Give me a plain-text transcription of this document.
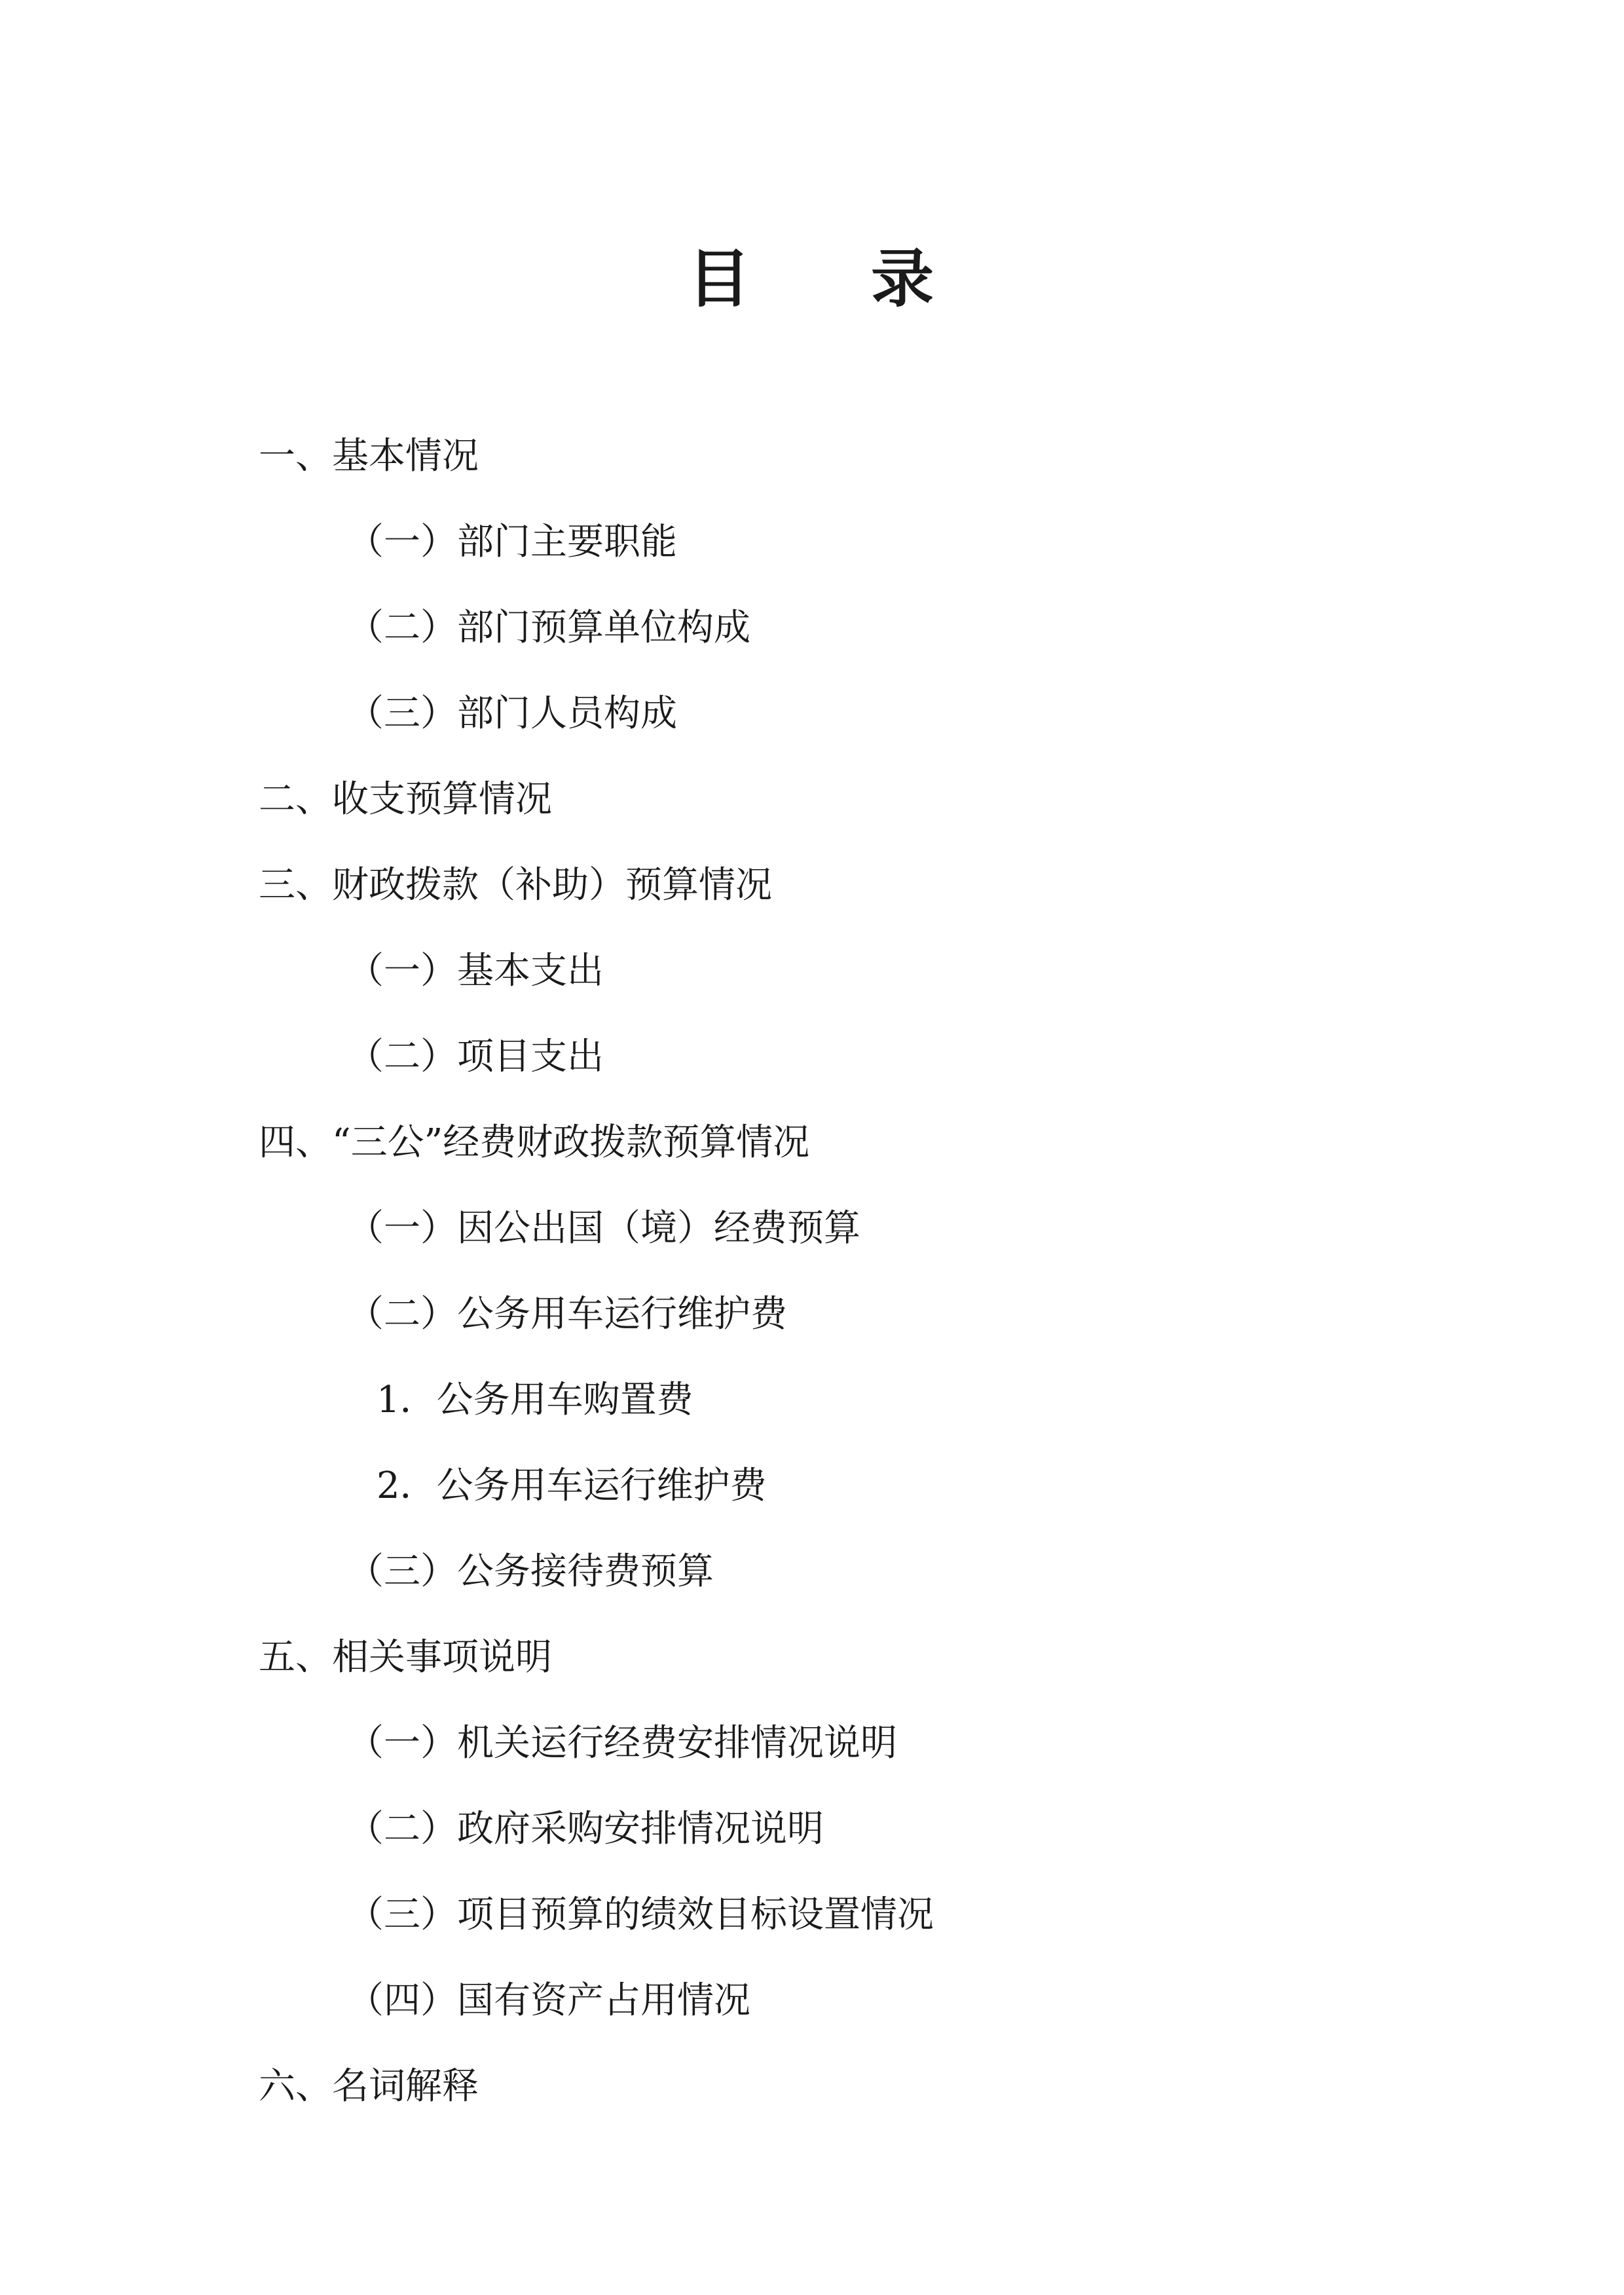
目 录
一、基本情况
（一）部门主要职能
（二）部门预算单位构成
（三）部门人员构成
二、收支预算情况
三、财政拨款（补助）预算情况
（一）基本支出
（二）项目支出
四、“三公”经费财政拨款预算情况
（一）因公出国（境）经费预算
（二）公务用车运行维护费
1．公务用车购置费
2．公务用车运行维护费
（三）公务接待费预算
五、相关事项说明
（一）机关运行经费安排情况说明
（二）政府采购安排情况说明
（三）项目预算的绩效目标设置情况
（四）国有资产占用情况
六、名词解释
